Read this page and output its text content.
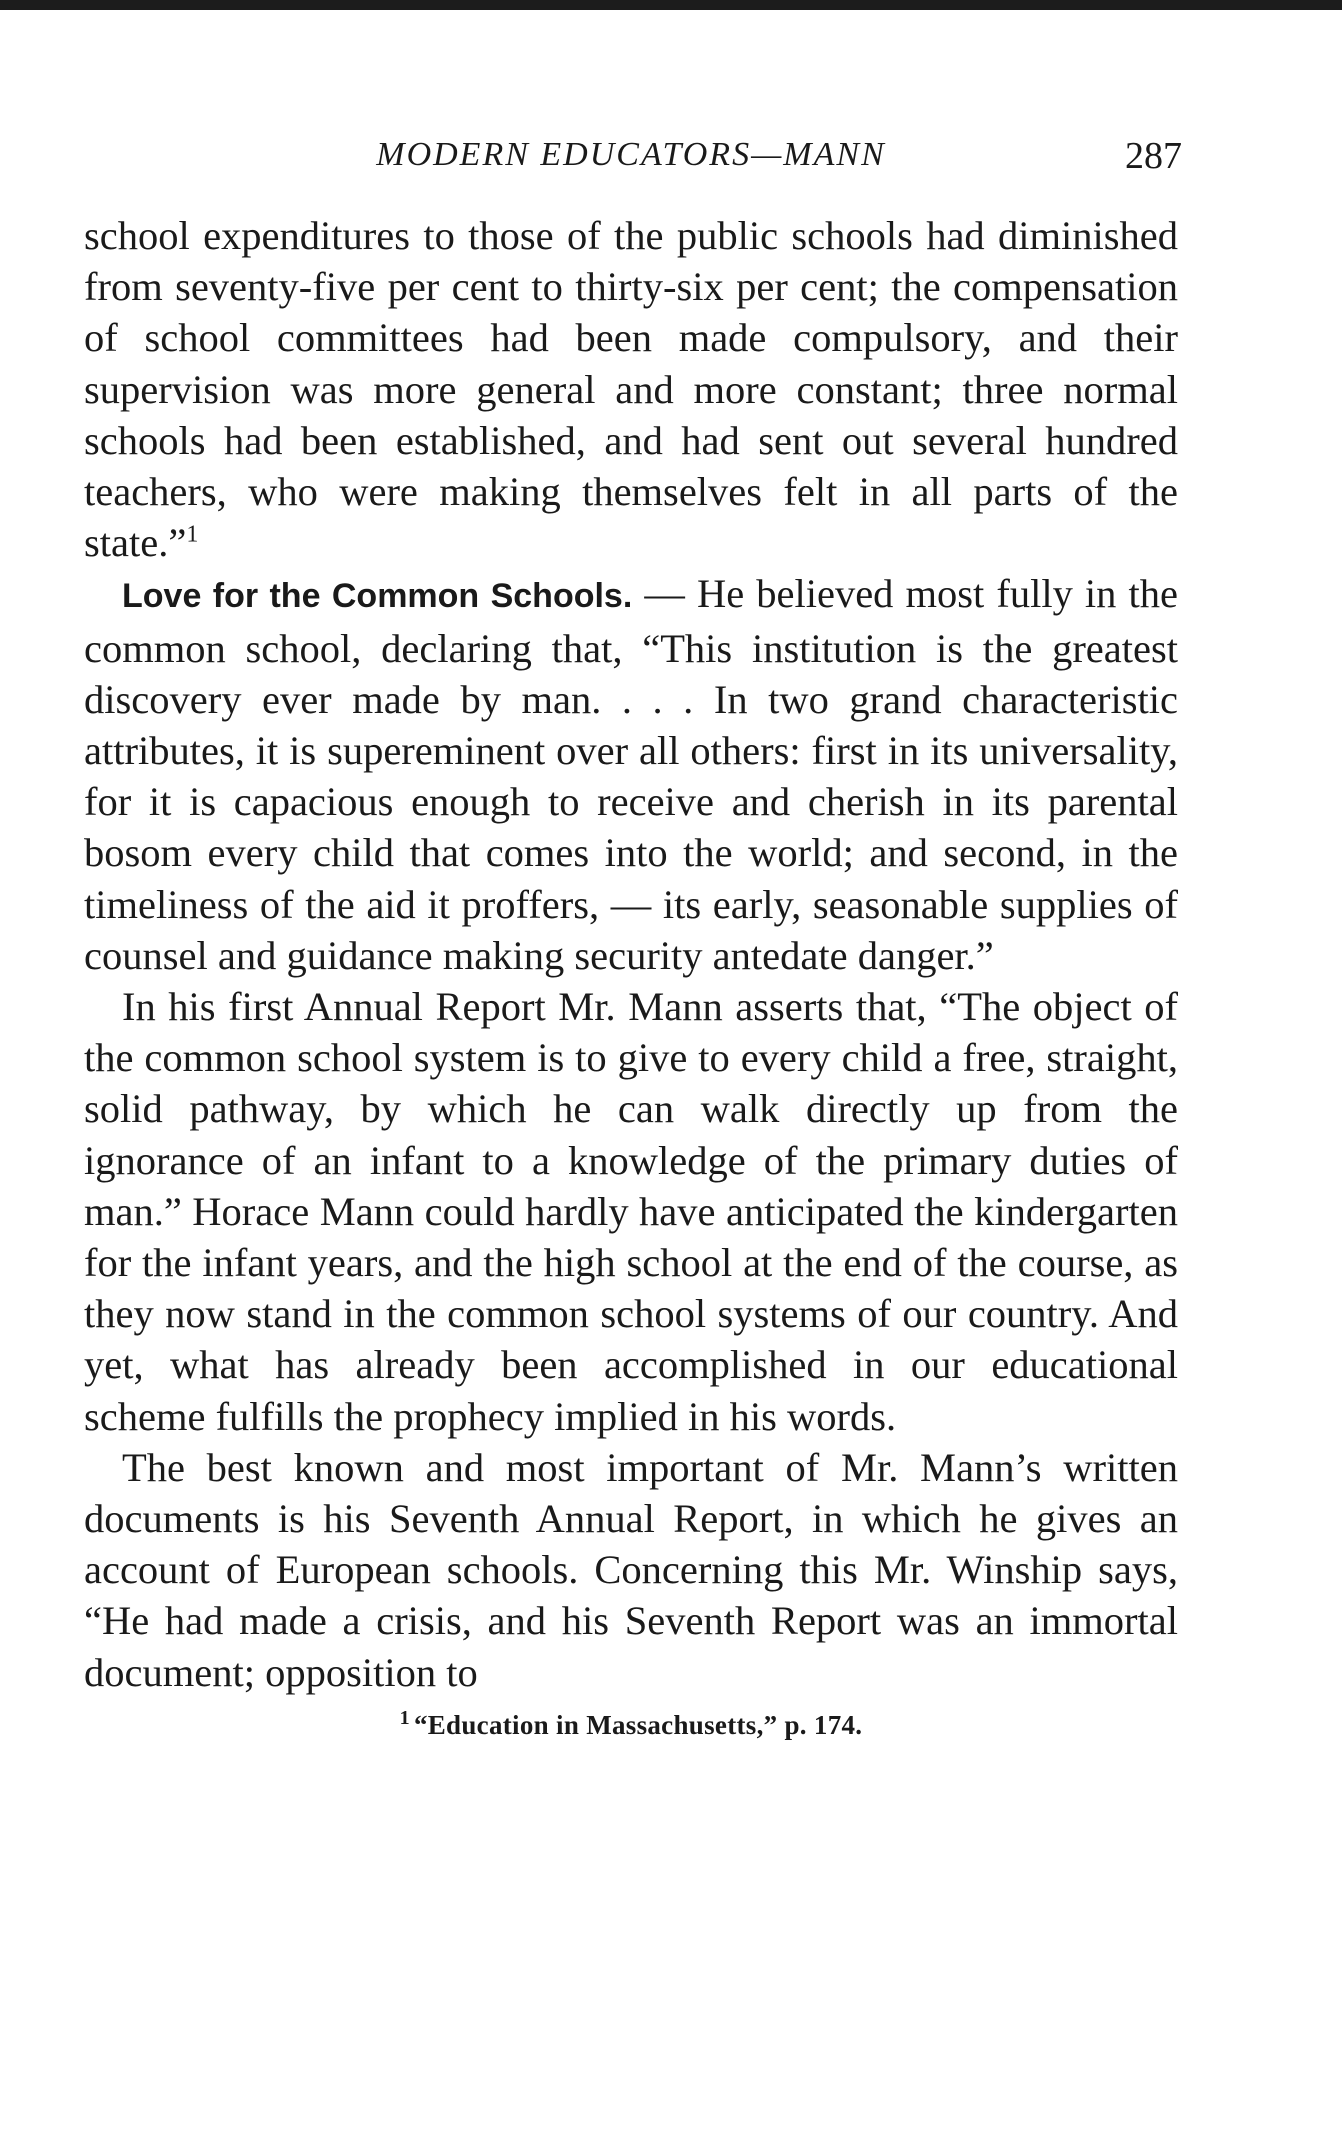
MODERN EDUCATORS—MANN	287

school expenditures to those of the public schools had diminished from seventy-five per cent to thirty-six per cent; the compensation of school committees had been made compulsory, and their supervision was more general and more constant; three normal schools had been established, and had sent out several hundred teachers, who were making themselves felt in all parts of the state.”$^1$

Love for the Common Schools. — He believed most fully in the common school, declaring that, “This institution is the greatest discovery ever made by man. . . . In two grand characteristic attributes, it is supereminent over all others: first in its universality, for it is capacious enough to receive and cherish in its parental bosom every child that comes into the world; and second, in the timeliness of the aid it proffers, — its early, seasonable supplies of counsel and guidance making security antedate danger.”

In his first Annual Report Mr. Mann asserts that, “The object of the common school system is to give to every child a free, straight, solid pathway, by which he can walk directly up from the ignorance of an infant to a knowledge of the primary duties of man.” Horace Mann could hardly have anticipated the kindergarten for the infant years, and the high school at the end of the course, as they now stand in the common school systems of our country. And yet, what has already been accomplished in our educational scheme fulfills the prophecy implied in his words.

The best known and most important of Mr. Mann’s written documents is his Seventh Annual Report, in which he gives an account of European schools. Concerning this Mr. Winship says, “He had made a crisis, and his Seventh Report was an immortal document; opposition to

$^1$ “Education in Massachusetts,” p. 174.
